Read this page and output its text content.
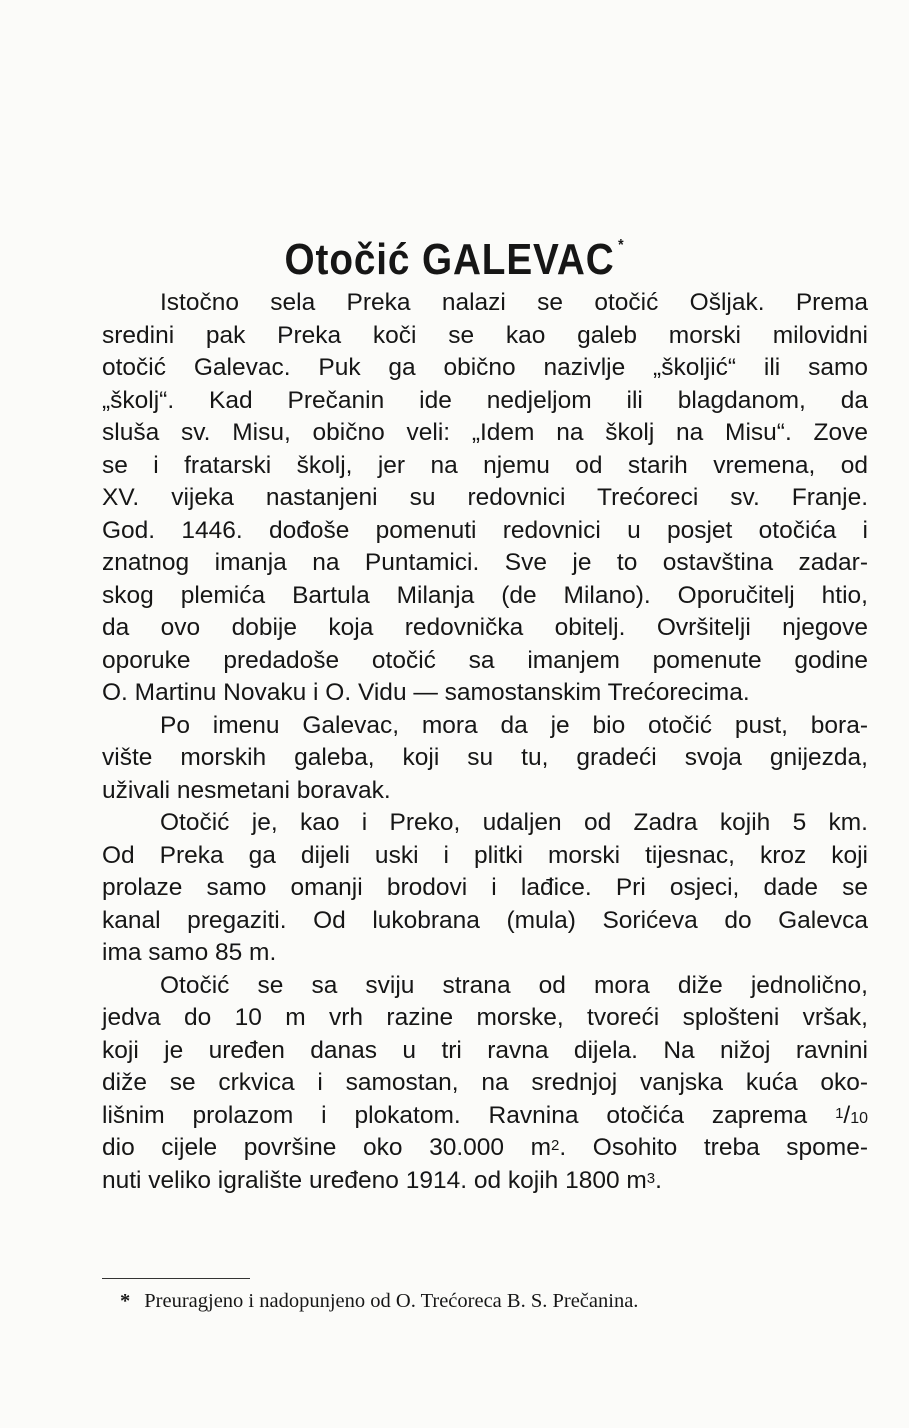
Otočić GALEVAC *
Istočno sela Preka nalazi se otočić Ošljak. Prema
sredini pak Preka koči se kao galeb morski milovidni
otočić Galevac. Puk ga obično nazivlje „školjić“ ili samo
„školj“. Kad Prečanin ide nedjeljom ili blagdanom, da
sluša sv. Misu, obično veli: „Idem na školj na Misu“. Zove
se i fratarski školj, jer na njemu od starih vremena, od
XV. vijeka nastanjeni su redovnici Trećoreci sv. Franje.
God. 1446. dođoše pomenuti redovnici u posjet otočića i
znatnog imanja na Puntamici. Sve je to ostavština zadar-
skog plemića Bartula Milanja (de Milano). Oporučitelj htio,
da ovo dobije koja redovnička obitelj. Ovršitelji njegove
oporuke predadoše otočić sa imanjem pomenute godine
O. Martinu Novaku i O. Vidu — samostanskim Trećorecima.
Po imenu Galevac, mora da je bio otočić pust, bora-
vište morskih galeba, koji su tu, gradeći svoja gnijezda,
uživali nesmetani boravak.
Otočić je, kao i Preko, udaljen od Zadra kojih 5 km.
Od Preka ga dijeli uski i plitki morski tijesnac, kroz koji
prolaze samo omanji brodovi i lađice. Pri osjeci, dade se
kanal pregaziti. Od lukobrana (mula) Sorićeva do Galevca
ima samo 85 m.
Otočić se sa sviju strana od mora diže jednolično,
jedva do 10 m vrh razine morske, tvoreći splošteni vršak,
koji je uređen danas u tri ravna dijela. Na nižoj ravnini
diže se crkvica i samostan, na srednjoj vanjska kuća oko-
lišnim prolazom i plokatom. Ravnina otočića zaprema $^1$/10
dio cijele površine oko 30.000 $m^2$. Osohito treba spome-
nuti veliko igralište uređeno 1914. od kojih 1800 $m^3$.
* Preuragjeno i nadopunjeno od O. Trećoreca B. S. Prečanina.
